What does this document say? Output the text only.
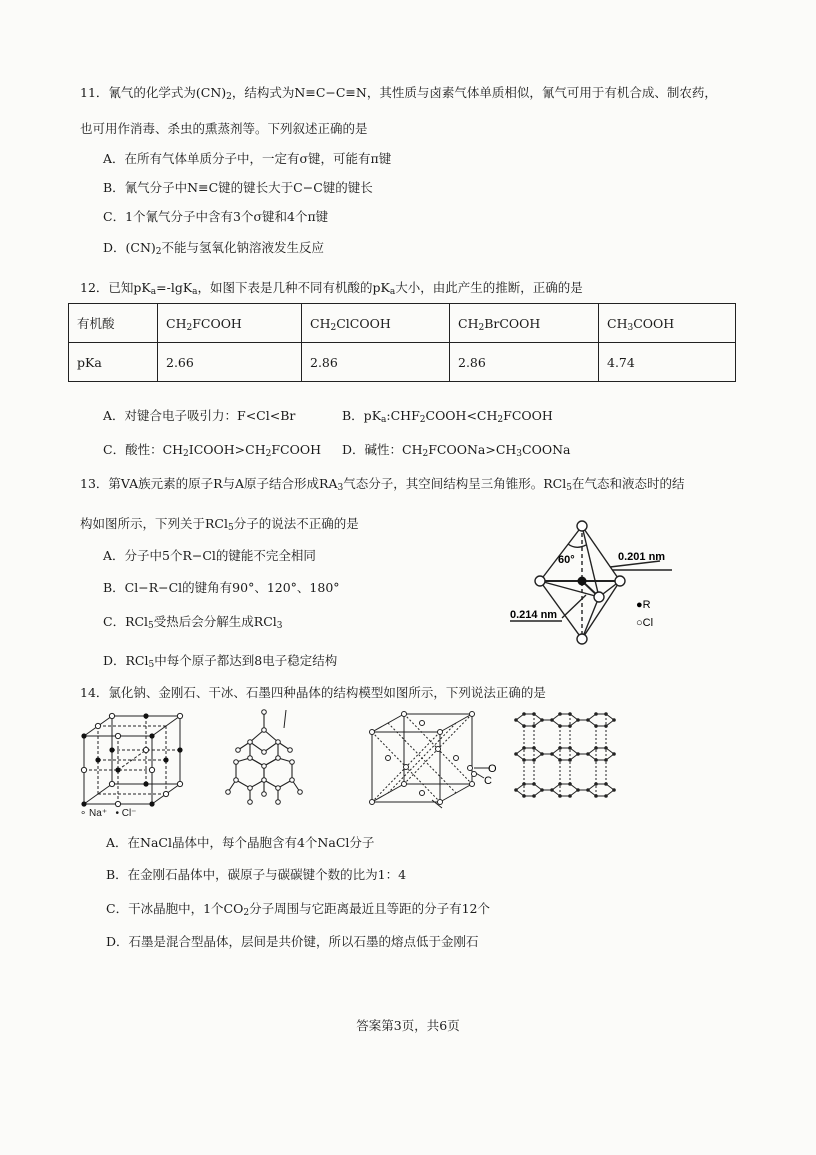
11．氰气的化学式为$(CN)_2$，结构式为N≡C−C≡N，其性质与卤素气体单质相似，氰气可用于有机合成、制农药，
也可用作消毒、杀虫的熏蒸剂等。下列叙述正确的是
A．在所有气体单质分子中，一定有σ键，可能有π键
B．氰气分子中N≡C键的键长大于C−C键的键长
C．1个氰气分子中含有3个σ键和4个π键
D．$(CN)_2$不能与氢氧化钠溶液发生反应
12．已知$pK_a=-\lg K_a$，如图下表是几种不同有机酸的$pK_a$大小，由此产生的推断，正确的是
有机酸	$CH_2FCOOH$	$CH_2ClCOOH$	$CH_2BrCOOH$	$CH_3COOH$
pKa	2.66	2.86	2.86	4.74
A．对键合电子吸引力：F<Cl<Br	B．$pK_a:CHF_2COOH<CH_2FCOOH$
C．酸性：$CH_2ICOOH>CH_2FCOOH$ D．碱性：$CH_2FCOONa>CH_3COONa$
13．第VA族元素的原子R与A原子结合形成$RA_3$气态分子，其空间结构呈三角锥形。RCl$_5$在气态和液态时的结
构如图所示，下列关于RCl$_5$分子的说法不正确的是
A．分子中5个R−Cl的键能不完全相同
B．Cl−R−Cl的键角有90°、120°、180°
C．RCl$_5$受热后会分解生成RCl$_3$
D．RCl$_5$中每个原子都达到8电子稳定结构
60°	0.201 nm
0.214 nm
●R
○Cl
14．氯化钠、金刚石、干冰、石墨四种晶体的结构模型如图所示，下列说法正确的是
∘ Na⁺ • Cl⁻
O
C
A．在NaCl晶体中，每个晶胞含有4个NaCl分子
B．在金刚石晶体中，碳原子与碳碳键个数的比为1：4
C．干冰晶胞中，1个$CO_2$分子周围与它距离最近且等距的分子有12个
D．石墨是混合型晶体，层间是共价键，所以石墨的熔点低于金刚石
答案第3页，共6页
